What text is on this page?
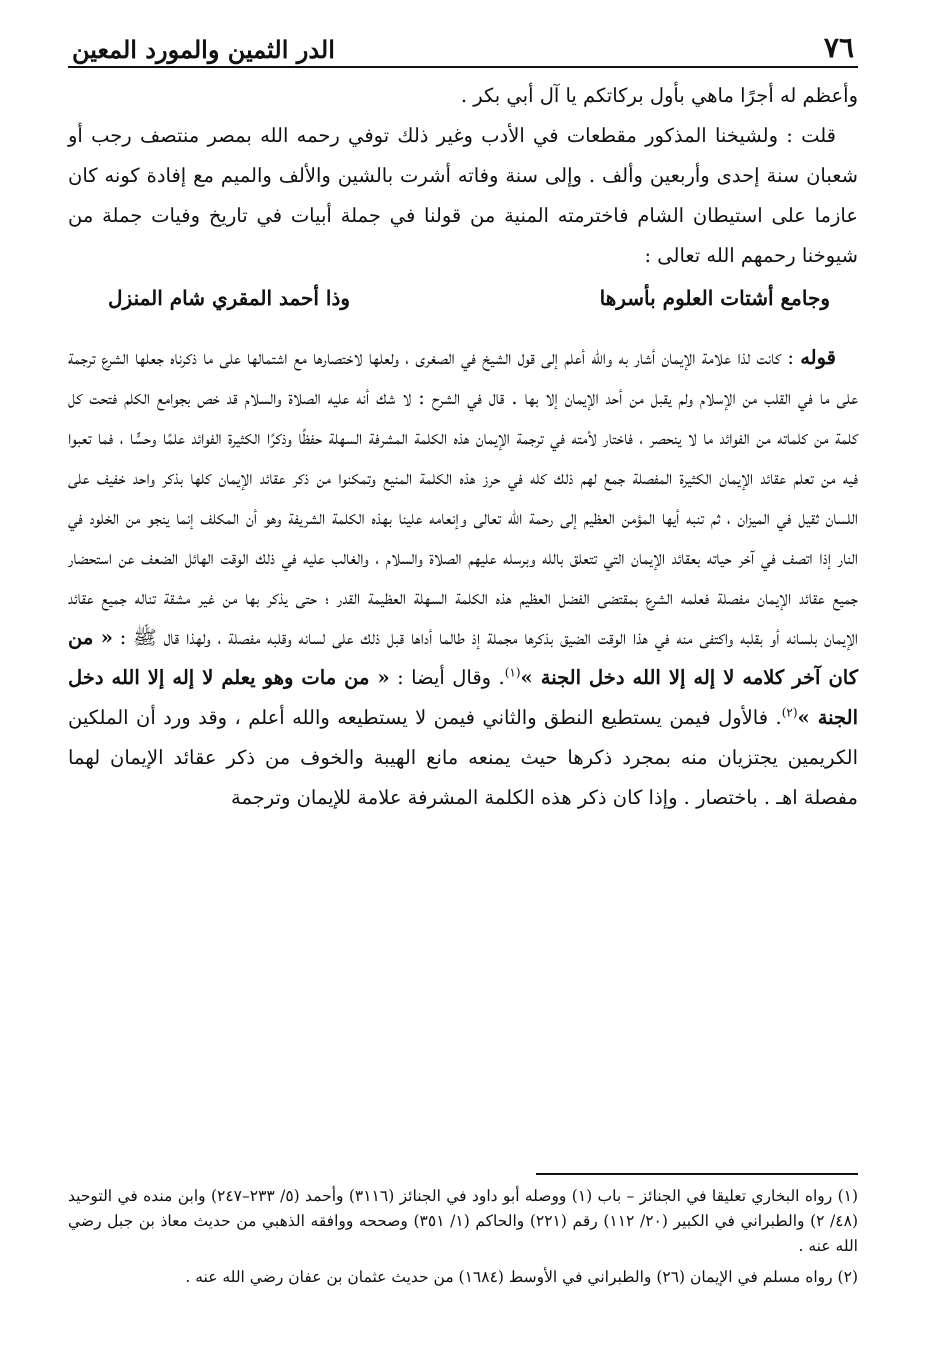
٧٦
الدر الثمين والمورد المعين

وأعظم له أجرًا ماهي بأول بركاتكم يا آل أبي بكر .

قلت : ولشيخنا المذكور مقطعات في الأدب وغير ذلك توفي رحمه الله بمصر منتصف رجب أو شعبان سنة إحدى وأربعين وألف . وإلى سنة وفاته أشرت بالشين والألف والميم مع إفادة كونه كان عازما على استيطان الشام فاخترمته المنية من قولنا في جملة أبيات في تاريخ وفيات جملة من شيوخنا رحمهم الله تعالى :

وجامع أشتات العلوم بأسرها
وذا أحمد المقري شام المنزل

قوله : كانت لذا علامة الإيمان أشار به والله أعلم إلى قول الشيخ في الصغرى ، ولعلها لاختصارها مع اشتمالها على ما ذكرناه جعلها الشرع ترجمة على ما في القلب من الإسلام ولم يقبل من أحد الإيمان إلا بها . قال في الشرح : لا شك أنه عليه الصلاة والسلام قد خص بجوامع الكلم فتحت كل كلمة من كلماته من الفوائد ما لا ينحصر ، فاختار لأمته في ترجمة الإيمان هذه الكلمة المشرفة السهلة حفظًا وذكرًا الكثيرة الفوائد علمًا وحسًّا ، فما تعبوا فيه من تعلم عقائد الإيمان الكثيرة المفصلة جمع لهم ذلك كله في حرز هذه الكلمة المنيع وتمكنوا من ذكر عقائد الإيمان كلها بذكر واحد خفيف على اللسان ثقيل في الميزان ، ثم تنبه أيها المؤمن العظيم إلى رحمة الله تعالى وإنعامه علينا بهذه الكلمة الشريفة وهو أن المكلف إنما ينجو من الخلود في النار إذا اتصف في آخر حياته بعقائد الإيمان التي تتعلق بالله وبرسله عليهم الصلاة والسلام ، والغالب عليه في ذلك الوقت الهائل الضعف عن استحضار جميع عقائد الإيمان مفصلة فعلمه الشرع بمقتضى الفضل العظيم هذه الكلمة السهلة العظيمة القدر ؛ حتى يذكر بها من غير مشقة تناله جميع عقائد الإيمان بلسانه أو بقلبه واكتفى منه في هذا الوقت الضيق بذكرها مجملة إذ طالما أداها قبل ذلك على لسانه وقلبه مفصلة ، ولهذا قال ﷺ : « من كان آخر كلامه لا إله إلا الله دخل الجنة »$^{(١)}$. وقال أيضا : « من مات وهو يعلم لا إله إلا الله دخل الجنة »$^{(٢)}$. فالأول فيمن يستطيع النطق والثاني فيمن لا يستطيعه والله أعلم ، وقد ورد أن الملكين الكريمين يجتزيان منه بمجرد ذكرها حيث يمنعه مانع الهيبة والخوف من ذكر عقائد الإيمان لهما مفصلة اهـ . باختصار . وإذا كان ذكر هذه الكلمة المشرفة علامة للإيمان وترجمة

(١) رواه البخاري تعليقا في الجنائز – باب (١) ووصله أبو داود في الجنائز (٣١١٦) وأحمد (٥/ ٢٣٣–٢٤٧) وابن منده في التوحيد (٤٨/ ٢) والطبراني في الكبير (٢٠/ ١١٢) رقم (٢٢١) والحاكم (١/ ٣٥١) وصححه ووافقه الذهبي من حديث معاذ بن جبل رضي الله عنه .

(٢) رواه مسلم في الإيمان (٢٦) والطبراني في الأوسط (١٦٨٤) من حديث عثمان بن عفان رضي الله عنه .
